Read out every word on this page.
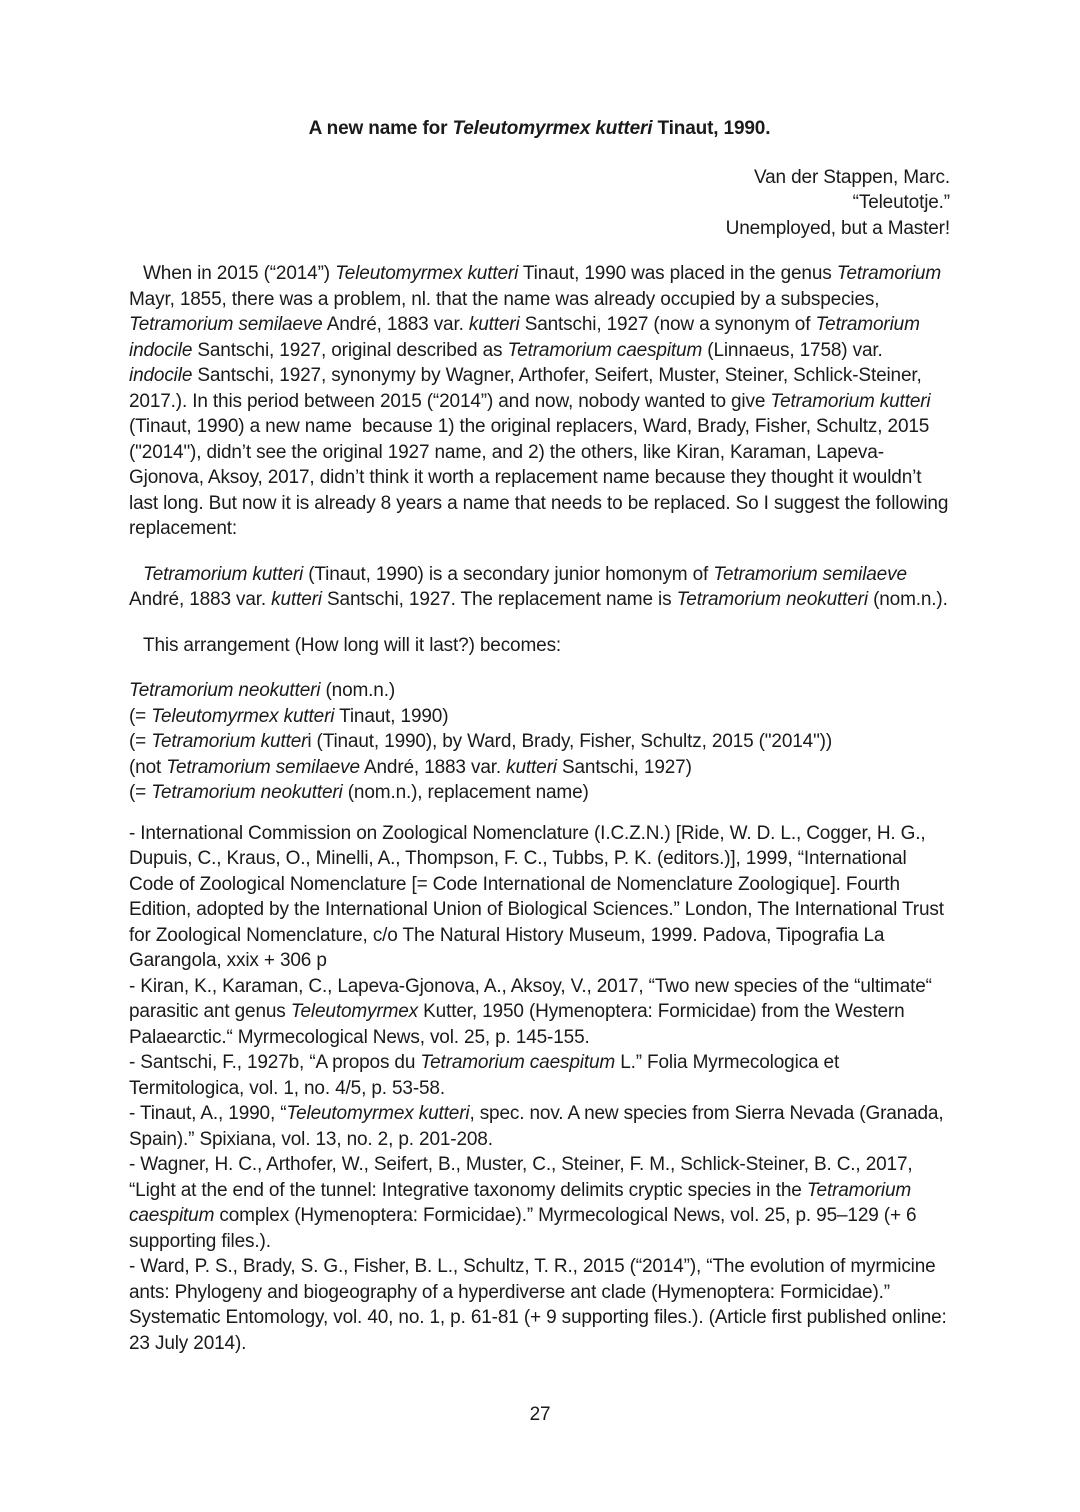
A new name for Teleutomyrmex kutteri Tinaut, 1990.
Van der Stappen, Marc.
“Teleutotje.”
Unemployed, but a Master!
When in 2015 (“2014”) Teleutomyrmex kutteri Tinaut, 1990 was placed in the genus Tetramorium Mayr, 1855, there was a problem, nl. that the name was already occupied by a subspecies, Tetramorium semilaeve André, 1883 var. kutteri Santschi, 1927 (now a synonym of Tetramorium indocile Santschi, 1927, original described as Tetramorium caespitum (Linnaeus, 1758) var. indocile Santschi, 1927, synonymy by Wagner, Arthofer, Seifert, Muster, Steiner, Schlick-Steiner, 2017.). In this period between 2015 (“2014”) and now, nobody wanted to give Tetramorium kutteri (Tinaut, 1990) a new name  because 1) the original replacers, Ward, Brady, Fisher, Schultz, 2015 ("2014"), didn’t see the original 1927 name, and 2) the others, like Kiran, Karaman, Lapeva-Gjonova, Aksoy, 2017, didn’t think it worth a replacement name because they thought it wouldn’t last long. But now it is already 8 years a name that needs to be replaced. So I suggest the following replacement:
Tetramorium kutteri (Tinaut, 1990) is a secondary junior homonym of Tetramorium semilaeve André, 1883 var. kutteri Santschi, 1927. The replacement name is Tetramorium neokutteri (nom.n.).
This arrangement (How long will it last?) becomes:
Tetramorium neokutteri (nom.n.)
(= Teleutomyrmex kutteri Tinaut, 1990)
(= Tetramorium kutteri (Tinaut, 1990), by Ward, Brady, Fisher, Schultz, 2015 ("2014"))
(not Tetramorium semilaeve André, 1883 var. kutteri Santschi, 1927)
(= Tetramorium neokutteri (nom.n.), replacement name)
- International Commission on Zoological Nomenclature (I.C.Z.N.) [Ride, W. D. L., Cogger, H. G., Dupuis, C., Kraus, O., Minelli, A., Thompson, F. C., Tubbs, P. K. (editors.)], 1999, “International Code of Zoological Nomenclature [= Code International de Nomenclature Zoologique]. Fourth Edition, adopted by the International Union of Biological Sciences.” London, The International Trust for Zoological Nomenclature, c/o The Natural History Museum, 1999. Padova, Tipografia La Garangola, xxix + 306 p
- Kiran, K., Karaman, C., Lapeva-Gjonova, A., Aksoy, V., 2017, “Two new species of the “ultimate“ parasitic ant genus Teleutomyrmex Kutter, 1950 (Hymenoptera: Formicidae) from the Western Palaearctic.“ Myrmecological News, vol. 25, p. 145-155.
- Santschi, F., 1927b, “A propos du Tetramorium caespitum L.” Folia Myrmecologica et Termitologica, vol. 1, no. 4/5, p. 53-58.
- Tinaut, A., 1990, “Teleutomyrmex kutteri, spec. nov. A new species from Sierra Nevada (Granada, Spain).” Spixiana, vol. 13, no. 2, p. 201-208.
- Wagner, H. C., Arthofer, W., Seifert, B., Muster, C., Steiner, F. M., Schlick-Steiner, B. C., 2017, “Light at the end of the tunnel: Integrative taxonomy delimits cryptic species in the Tetramorium caespitum complex (Hymenoptera: Formicidae).” Myrmecological News, vol. 25, p. 95–129 (+ 6 supporting files.).
- Ward, P. S., Brady, S. G., Fisher, B. L., Schultz, T. R., 2015 (“2014”), “The evolution of myrmicine ants: Phylogeny and biogeography of a hyperdiverse ant clade (Hymenoptera: Formicidae).” Systematic Entomology, vol. 40, no. 1, p. 61-81 (+ 9 supporting files.). (Article first published online: 23 July 2014).
27
